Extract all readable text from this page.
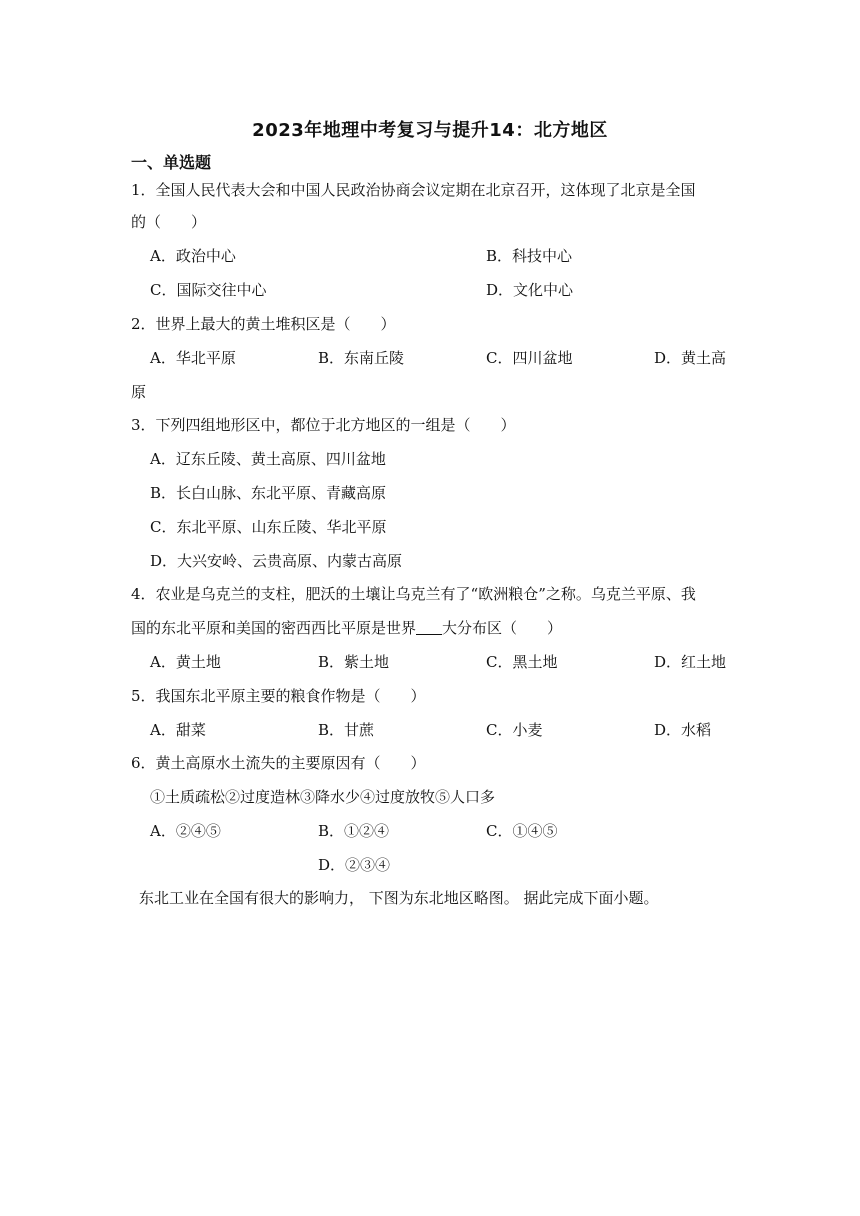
2023年地理中考复习与提升14：北方地区
一、单选题
1．全国人民代表大会和中国人民政治协商会议定期在北京召开，这体现了北京是全国
的（　　）
A．政治中心	B．科技中心
C．国际交往中心	D．文化中心
2．世界上最大的黄土堆积区是（　　）
A．华北平原	B．东南丘陵	C．四川盆地	D．黄土高
原
3．下列四组地形区中，都位于北方地区的一组是（　　）
A．辽东丘陵、黄土高原、四川盆地
B．长白山脉、东北平原、青藏高原
C．东北平原、山东丘陵、华北平原
D．大兴安岭、云贵高原、内蒙古高原
4．农业是乌克兰的支柱，肥沃的土壤让乌克兰有了“欧洲粮仓”之称。乌克兰平原、我
国的东北平原和美国的密西西比平原是世界 大分布区（　　）
A．黄土地	B．紫土地	C．黑土地	D．红土地
5．我国东北平原主要的粮食作物是（　　）
A．甜菜	B．甘蔗	C．小麦	D．水稻
6．黄土高原水土流失的主要原因有（　　）
①土质疏松②过度造林③降水少④过度放牧⑤人口多
A．②④⑤	B．①②④	C．①④⑤
D．②③④
东北工业在全国有很大的影响力， 下图为东北地区略图。 据此完成下面小题。
